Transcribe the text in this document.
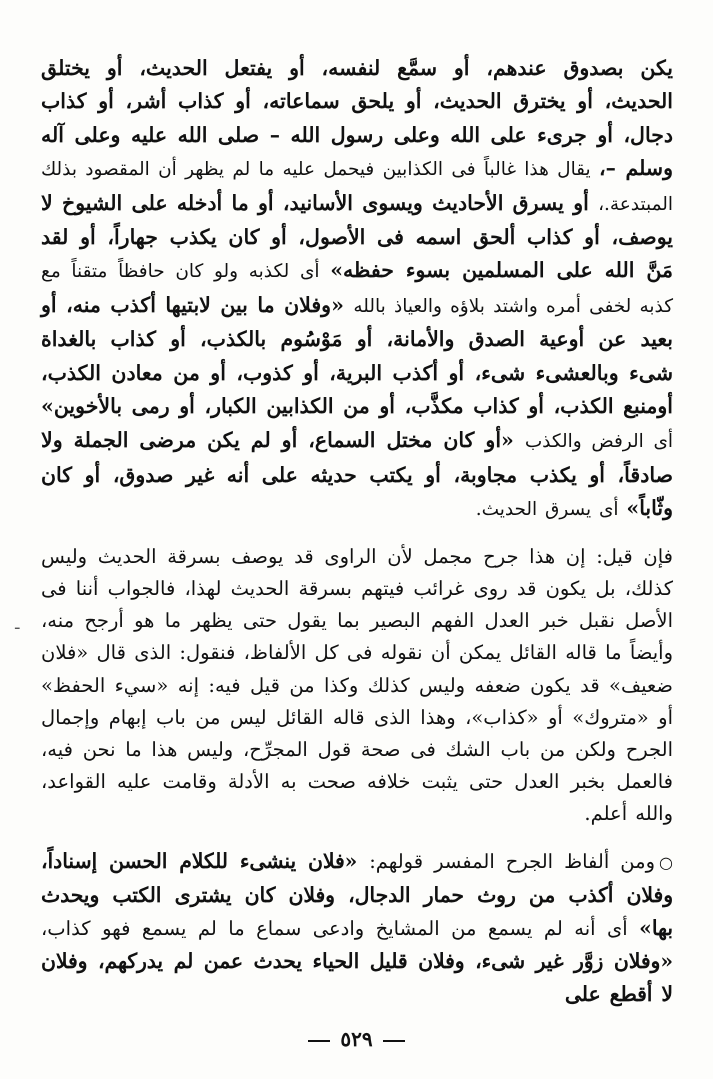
يكن بصدوق عندهم، أو سمَّع لنفسه، أو يفتعل الحديث، أو يختلق الحديث، أو يخترق الحديث، أو يلحق سماعاته، أو كذاب أشر، أو كذاب دجال، أو جرىء على الله وعلى رسول الله – صلى الله عليه وعلى آله وسلم –، يقال هذا غالباً فى الكذابين فيحمل عليه ما لم يظهر أن المقصود بذلك المبتدعة.، أو يسرق الأحاديث ويسوى الأسانيد، أو ما أدخله على الشيوخ لا يوصف، أو كذاب ألحق اسمه فى الأصول، أو كان يكذب جهاراً، أو لقد مَنَّ الله على المسلمين بسوء حفظه» أى لكذبه ولو كان حافظاً متقناً مع كذبه لخفى أمره واشتد بلاؤه والعياذ بالله «وفلان ما بين لابتيها أكذب منه، أو بعيد عن أوعية الصدق والأمانة، أو مَوْسُوم بالكذب، أو كذاب بالغداة شىء وبالعشىء شىء، أو أكذب البرية، أو كذوب، أو من معادن الكذب، أومنبع الكذب، أو كذاب مكذَّب، أو من الكذابين الكبار، أو رمى بالأخوين» أى الرفض والكذب «أو كان مختل السماع، أو لم يكن مرضى الجملة ولا صادقاً، أو يكذب مجاوبة، أو يكتب حديثه على أنه غير صدوق، أو كان وثّاباً» أى يسرق الحديث.

فإن قيل: إن هذا جرح مجمل لأن الراوى قد يوصف بسرقة الحديث وليس كذلك، بل يكون قد روى غرائب فيتهم بسرقة الحديث لهذا، فالجواب أننا فى الأصل نقبل خبر العدل الفهم البصير بما يقول حتى يظهر ما هو أرجح منه، وأيضاً ما قاله القائل يمكن أن نقوله فى كل الألفاظ، فنقول: الذى قال «فلان ضعيف» قد يكون ضعفه وليس كذلك وكذا من قيل فيه: إنه «سيء الحفظ» أو «متروك» أو «كذاب»، وهذا الذى قاله القائل ليس من باب إبهام وإجمال الجرح ولكن من باب الشك فى صحة قول المجرِّح، وليس هذا ما نحن فيه، فالعمل بخبر العدل حتى يثبت خلافه صحت به الأدلة وقامت عليه القواعد، والله أعلم.

○ومن ألفاظ الجرح المفسر قولهم: «فلان ينشىء للكلام الحسن إسناداً، وفلان أكذب من روث حمار الدجال، وفلان كان يشترى الكتب ويحدث بها» أى أنه لم يسمع من المشايخ وادعى سماع ما لم يسمع فهو كذاب، «وفلان زوَّر غير شىء، وفلان قليل الحياء يحدث عمن لم يدركهم، وفلان لا أقطع على

-
٥٢٩
